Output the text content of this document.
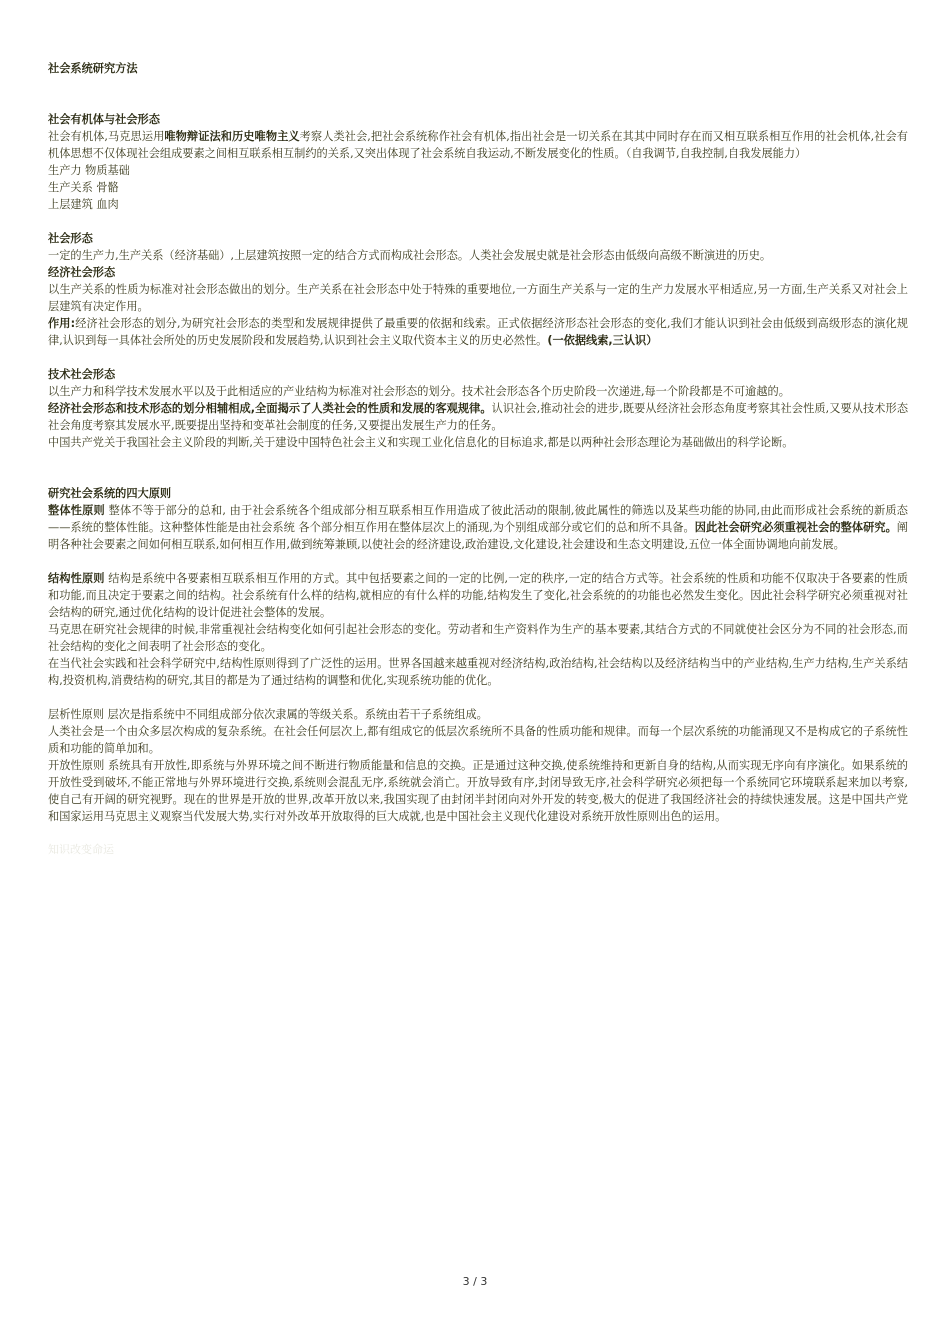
社会系统研究方法

社会有机体与社会形态

社会有机体,马克思运用唯物辩证法和历史唯物主义考察人类社会,把社会系统称作社会有机体,指出社会是一切关系在其其中同时存在而又相互联系相互作用的社会机体,社会有机体思想不仅体现社会组成要素之间相互联系相互制约的关系,又突出体现了社会系统自我运动,不断发展变化的性质。（自我调节,自我控制,自我发展能力）

生产力 物质基础

生产关系 骨骼

上层建筑 血肉

社会形态

一定的生产力,生产关系（经济基础）,上层建筑按照一定的结合方式而构成社会形态。人类社会发展史就是社会形态由低级向高级不断演进的历史。

经济社会形态

以生产关系的性质为标准对社会形态做出的划分。生产关系在社会形态中处于特殊的重要地位,一方面生产关系与一定的生产力发展水平相适应,另一方面,生产关系又对社会上层建筑有决定作用。

作用:经济社会形态的划分,为研究社会形态的类型和发展规律提供了最重要的依据和线索。正式依据经济形态社会形态的变化,我们才能认识到社会由低级到高级形态的演化规律,认识到每一具体社会所处的历史发展阶段和发展趋势,认识到社会主义取代资本主义的历史必然性。(一依据线索,三认识）

技术社会形态

以生产力和科学技术发展水平以及于此相适应的产业结构为标准对社会形态的划分。技术社会形态各个历史阶段一次递进,每一个阶段都是不可逾越的。

经济社会形态和技术形态的划分相辅相成,全面揭示了人类社会的性质和发展的客观规律。认识社会,推动社会的进步,既要从经济社会形态角度考察其社会性质,又要从技术形态社会角度考察其发展水平,既要提出坚持和变革社会制度的任务,又要提出发展生产力的任务。

中国共产党关于我国社会主义阶段的判断,关于建设中国特色社会主义和实现工业化信息化的目标追求,都是以两种社会形态理论为基础做出的科学论断。

研究社会系统的四大原则

整体性原则 整体不等于部分的总和, 由于社会系统各个组成部分相互联系相互作用造成了彼此活动的限制,彼此属性的筛选以及某些功能的协同,由此而形成社会系统的新质态——系统的整体性能。这种整体性能是由社会系统 各个部分相互作用在整体层次上的涌现,为个别组成部分或它们的总和所不具备。因此社会研究必须重视社会的整体研究。阐明各种社会要素之间如何相互联系,如何相互作用,做到统筹兼顾,以使社会的经济建设,政治建设,文化建设,社会建设和生态文明建设,五位一体全面协调地向前发展。

结构性原则 结构是系统中各要素相互联系相互作用的方式。其中包括要素之间的一定的比例,一定的秩序,一定的结合方式等。社会系统的性质和功能不仅取决于各要素的性质和功能,而且决定于要素之间的结构。社会系统有什么样的结构,就相应的有什么样的功能,结构发生了变化,社会系统的的功能也必然发生变化。因此社会科学研究必须重视对社会结构的研究,通过优化结构的设计促进社会整体的发展。

马克思在研究社会规律的时候,非常重视社会结构变化如何引起社会形态的变化。劳动者和生产资料作为生产的基本要素,其结合方式的不同就使社会区分为不同的社会形态,而社会结构的变化之间表明了社会形态的变化。

在当代社会实践和社会科学研究中,结构性原则得到了广泛性的运用。世界各国越来越重视对经济结构,政治结构,社会结构以及经济结构当中的产业结构,生产力结构,生产关系结构,投资机构,消费结构的研究,其目的都是为了通过结构的调整和优化,实现系统功能的优化。

层析性原则 层次是指系统中不同组成部分依次隶属的等级关系。系统由若干子系统组成。

人类社会是一个由众多层次构成的复杂系统。在社会任何层次上,都有组成它的低层次系统所不具备的性质功能和规律。而每一个层次系统的功能涌现又不是构成它的子系统性质和功能的简单加和。

开放性原则 系统具有开放性,即系统与外界环境之间不断进行物质能量和信息的交换。正是通过这种交换,使系统维持和更新自身的结构,从而实现无序向有序演化。如果系统的开放性受到破坏,不能正常地与外界环境进行交换,系统则会混乱无序,系统就会消亡。开放导致有序,封闭导致无序,社会科学研究必须把每一个系统同它环境联系起来加以考察,使自己有开阔的研究视野。现在的世界是开放的世界,改革开放以来,我国实现了由封闭半封闭向对外开发的转变,极大的促进了我国经济社会的持续快速发展。这是中国共产党和国家运用马克思主义观察当代发展大势,实行对外改革开放取得的巨大成就,也是中国社会主义现代化建设对系统开放性原则出色的运用。

知识改变命运

3 / 3
